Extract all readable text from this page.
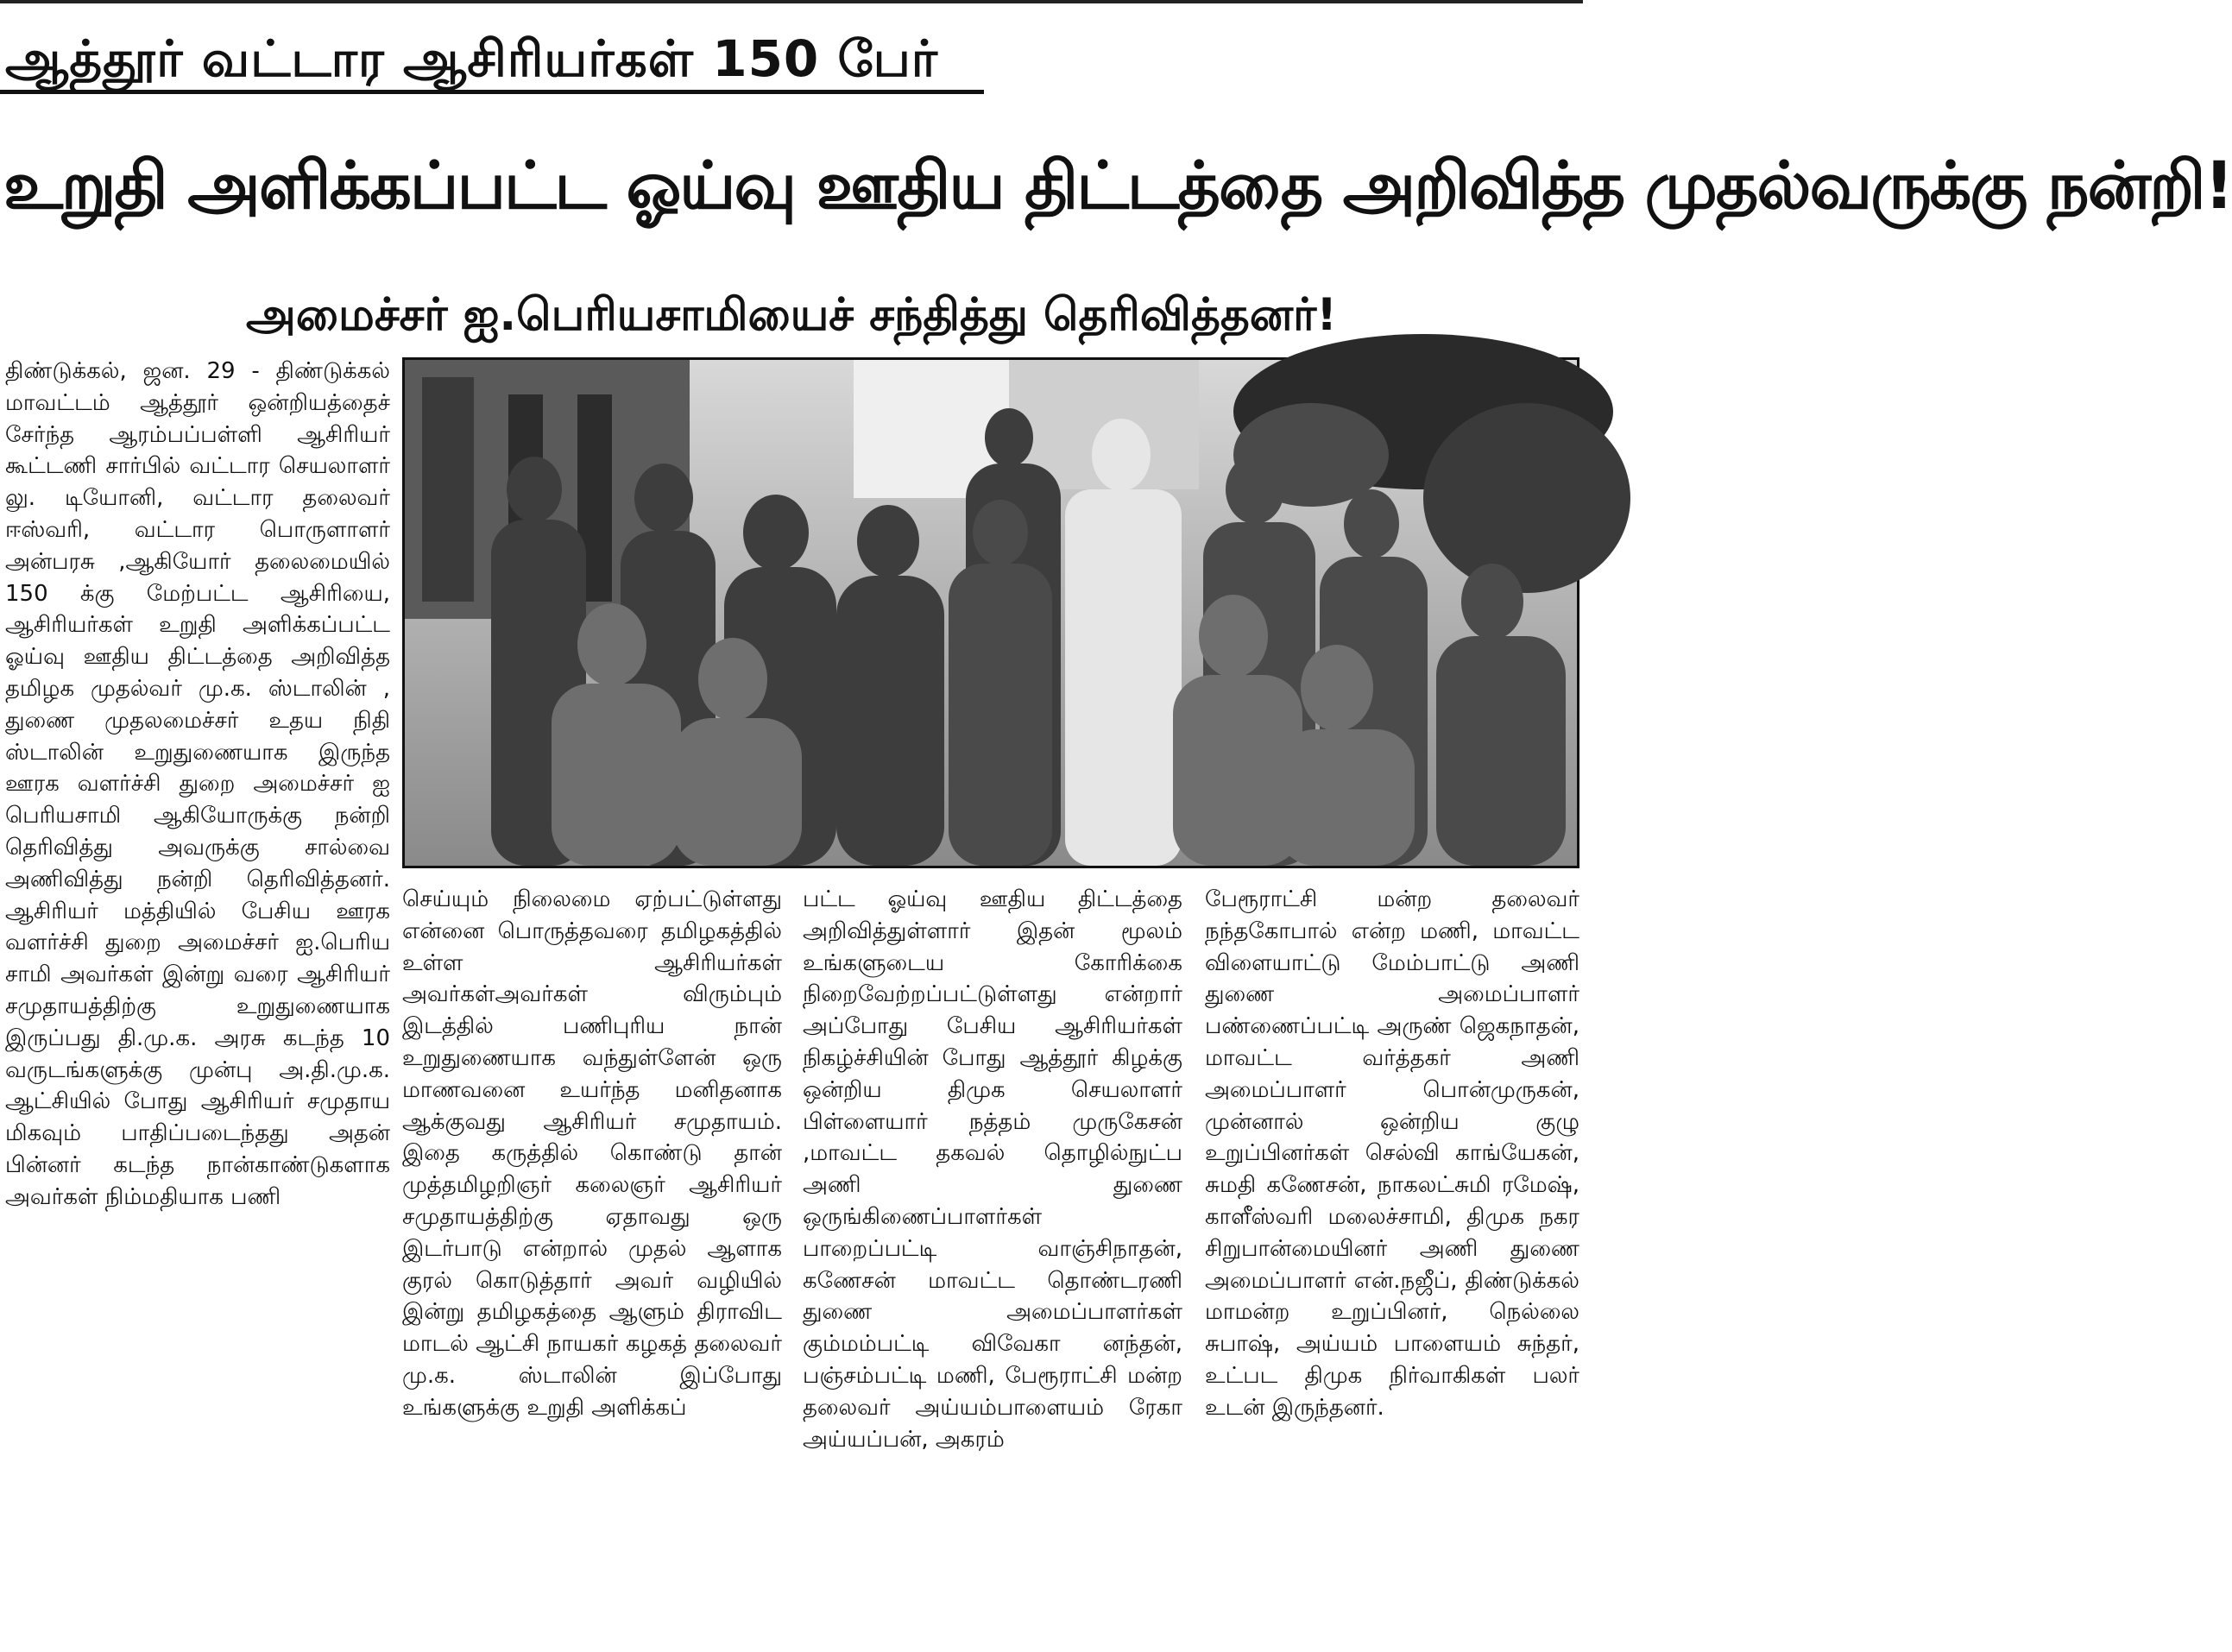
ஆத்தூர் வட்டார ஆசிரியர்கள் 150 பேர்
உறுதி அளிக்கப்பட்ட ஓய்வு ஊதிய திட்டத்தை அறிவித்த முதல்வருக்கு நன்றி!
அமைச்சர் ஐ.பெரியசாமியைச் சந்தித்து தெரிவித்தனர்!

திண்டுக்கல், ஜன. 29 - திண்டுக்கல் மாவட்டம் ஆத்தூர் ஒன்றியத்தைச் சேர்ந்த ஆரம்பப்பள்ளி ஆசிரியர் கூட்டணி சார்பில் வட்டார செயலாளர் லு. டியோனி, வட்டார தலைவர் ஈஸ்வரி, வட்டார பொருளாளர் அன்பரசு ,ஆகியோர் தலைமையில் 150 க்கு மேற்பட்ட ஆசிரியை, ஆசிரியர்கள் உறுதி அளிக்கப்பட்ட ஓய்வு ஊதிய திட்டத்தை அறிவித்த தமிழக முதல்வர் மு.க. ஸ்டாலின் , துணை முதலமைச்சர் உதய நிதி ஸ்டாலின் உறுதுணையாக இருந்த ஊரக வளர்ச்சி துறை அமைச்சர் ஐ பெரியசாமி ஆகியோருக்கு நன்றி தெரிவித்து அவருக்கு சால்வை அணிவித்து நன்றி தெரிவித்தனர். ஆசிரியர் மத்தியில் பேசிய ஊரக வளர்ச்சி துறை அமைச்சர் ஐ.பெரிய சாமி அவர்கள் இன்று வரை ஆசிரியர் சமுதாயத்திற்கு உறுதுணையாக இருப்பது தி.மு.க. அரசு கடந்த 10 வருடங்களுக்கு முன்பு அ.தி.மு.க. ஆட்சியில் போது ஆசிரியர் சமுதாய மிகவும் பாதிப்படைந்தது அதன் பின்னர் கடந்த நான்காண்டுகளாக அவர்கள் நிம்மதியாக பணி

செய்யும் நிலைமை ஏற்பட்டுள்ளது என்னை பொருத்தவரை தமிழகத்தில் உள்ள ஆசிரியர்கள் அவர்கள்அவர்கள் விரும்பும் இடத்தில் பணிபுரிய நான் உறுதுணையாக வந்துள்ளேன் ஒரு மாணவனை உயர்ந்த மனிதனாக ஆக்குவது ஆசிரியர் சமுதாயம். இதை கருத்தில் கொண்டு தான் முத்தமிழறிஞர் கலைஞர் ஆசிரியர் சமுதாயத்திற்கு ஏதாவது ஒரு இடர்பாடு என்றால் முதல் ஆளாக குரல் கொடுத்தார் அவர் வழியில் இன்று தமிழகத்தை ஆளும் திராவிட மாடல் ஆட்சி நாயகர் கழகத் தலைவர் மு.க. ஸ்டாலின் இப்போது உங்களுக்கு உறுதி அளிக்கப்

பட்ட ஓய்வு ஊதிய திட்டத்தை அறிவித்துள்ளார் இதன் மூலம் உங்களுடைய கோரிக்கை நிறைவேற்றப்பட்டுள்ளது என்றார் அப்போது பேசிய ஆசிரியர்கள் நிகழ்ச்சியின் போது ஆத்தூர் கிழக்கு ஒன்றிய திமுக செயலாளர் பிள்ளையார் நத்தம் முருகேசன் ,மாவட்ட தகவல் தொழில்நுட்ப அணி துணை ஒருங்கிணைப்பாளர்கள் பாறைப்பட்டி வாஞ்சிநாதன், கணேசன் மாவட்ட தொண்டரணி துணை அமைப்பாளர்கள் கும்மம்பட்டி விவேகா னந்தன், பஞ்சம்பட்டி மணி, பேரூராட்சி மன்ற தலைவர் அய்யம்பாளையம் ரேகா அய்யப்பன், அகரம்

பேரூராட்சி மன்ற தலைவர் நந்தகோபால் என்ற மணி, மாவட்ட விளையாட்டு மேம்பாட்டு அணி துணை அமைப்பாளர் பண்ணைப்பட்டி அருண் ஜெகநாதன், மாவட்ட வர்த்தகர் அணி அமைப்பாளர் பொன்முருகன், முன்னால் ஒன்றிய குழு உறுப்பினர்கள் செல்வி காங்யேகன், சுமதி கணேசன், நாகலட்சுமி ரமேஷ், காளீஸ்வரி மலைச்சாமி, திமுக நகர சிறுபான்மையினர் அணி துணை அமைப்பாளர் என்.நஜீப், திண்டுக்கல் மாமன்ற உறுப்பினர், நெல்லை சுபாஷ், அய்யம் பாளையம் சுந்தர், உட்பட திமுக நிர்வாகிகள் பலர் உடன் இருந்தனர்.
